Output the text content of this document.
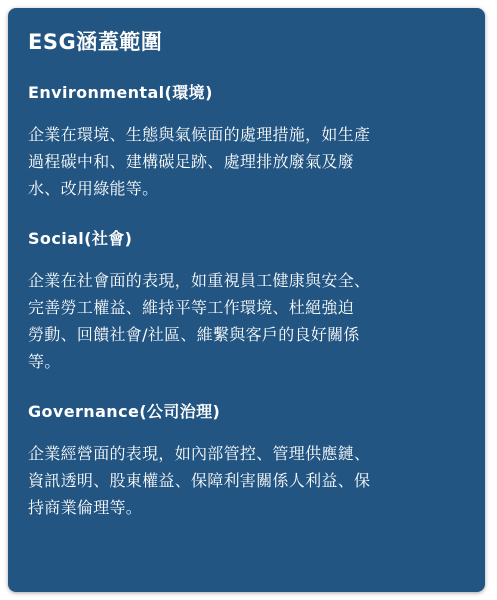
ESG涵蓋範圍
Environmental(環境)
企業在環境、生態與氣候面的處理措施，如生產
過程碳中和、建構碳足跡、處理排放廢氣及廢
水、改用綠能等。
Social(社會)
企業在社會面的表現，如重視員工健康與安全、
完善勞工權益、維持平等工作環境、杜絕強迫
勞動、回饋社會/社區、維繫與客戶的良好關係
等。
Governance(公司治理)
企業經營面的表現，如內部管控、管理供應鏈、
資訊透明、股東權益、保障利害關係人利益、保
持商業倫理等。
